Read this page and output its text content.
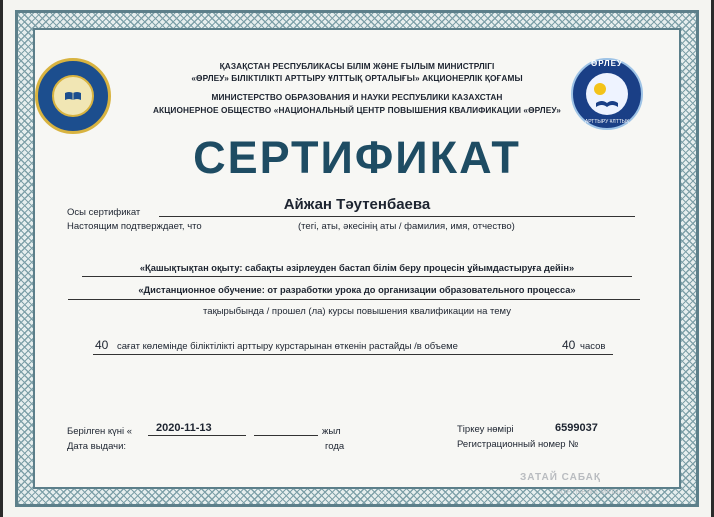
ӨРЛЕУ
АРТТЫРУ ҰЛТТЫҚ
ҚАЗАҚСТАН РЕСПУБЛИКАСЫ БІЛІМ ЖӘНЕ ҒЫЛЫМ МИНИСТРЛІГІ
«ӨРЛЕУ» БІЛІКТІЛІКТІ АРТТЫРУ ҰЛТТЫҚ ОРТАЛЫҒЫ» АКЦИОНЕРЛІК ҚОҒАМЫ
МИНИСТЕРСТВО ОБРАЗОВАНИЯ И НАУКИ РЕСПУБЛИКИ КАЗАХСТАН
АКЦИОНЕРНОЕ ОБЩЕСТВО «НАЦИОНАЛЬНЫЙ ЦЕНТР ПОВЫШЕНИЯ КВАЛИФИКАЦИИ «ӨРЛЕУ»
СЕРТИФИКАТ
Осы сертификат	Айжан Тәутенбаева
Настоящим подтверждает, что	(тегі, аты, әкесінің аты / фамилия, имя, отчество)
«Қашықтықтан оқыту: сабақты әзірлеуден бастап білім беру процесін ұйымдастыруға дейін»
«Дистанционное обучение: от разработки урока до организации образовательного процесса»
тақырыбында / прошел (ла) курсы повышения квалификации на тему
40 сағат көлемінде біліктілікті арттыру курстарынан өткенін растайды /в объеме	40 часов
Берілген күні « 2020-11-13	жыл
Дата выдачи:	года
Тіркеу нөмірі	6599037
Регистрационный номер №
ЗАТАЙ САБАҚ
SOFTNEWS MEDIA GROUP
